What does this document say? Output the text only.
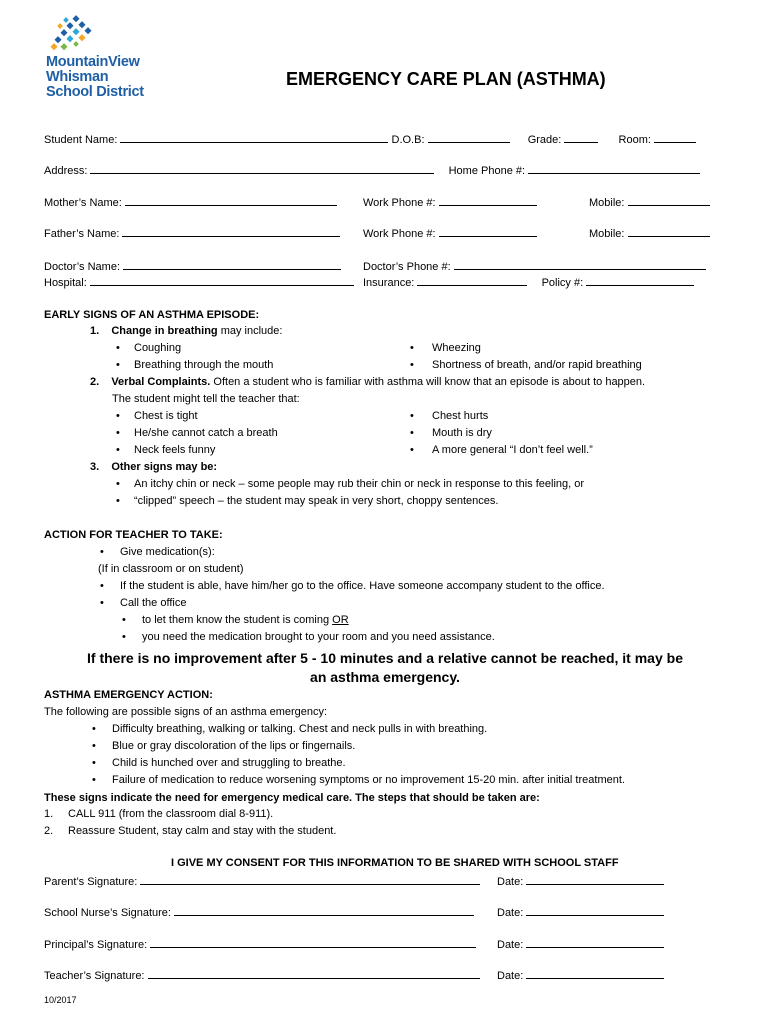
MountainView
Whisman
School District
EMERGENCY CARE PLAN (ASTHMA)
Student Name:	D.O.B:	Grade:	Room:
Address:	Home Phone #:
Mother’s Name:	Work Phone #:	Mobile:
Father’s Name:	Work Phone #:	Mobile:
Doctor’s Name:	Doctor’s Phone #:
Hospital:	Insurance:	Policy #:
EARLY SIGNS OF AN ASTHMA EPISODE:
1. Change in breathing may include:
• Coughing
• Breathing through the mouth
• Wheezing
• Shortness of breath, and/or rapid breathing
2. Verbal Complaints. Often a student who is familiar with asthma will know that an episode is about to happen.
The student might tell the teacher that:
• Chest is tight
• He/she cannot catch a breath
• Neck feels funny
• Chest hurts
• Mouth is dry
• A more general “I don’t feel well.”
3. Other signs may be:
• An itchy chin or neck – some people may rub their chin or neck in response to this feeling, or
• “clipped” speech – the student may speak in very short, choppy sentences.
ACTION FOR TEACHER TO TAKE:
• Give medication(s):
(If in classroom or on student)
• If the student is able, have him/her go to the office. Have someone accompany student to the office.
• Call the office
• to let them know the student is coming OR
• you need the medication brought to your room and you need assistance.
If there is no improvement after 5 - 10 minutes and a relative cannot be reached, it may be
an asthma emergency.
ASTHMA EMERGENCY ACTION:
The following are possible signs of an asthma emergency:
• Difficulty breathing, walking or talking. Chest and neck pulls in with breathing.
• Blue or gray discoloration of the lips or fingernails.
• Child is hunched over and struggling to breathe.
• Failure of medication to reduce worsening symptoms or no improvement 15-20 min. after initial treatment.
These signs indicate the need for emergency medical care. The steps that should be taken are:
1. CALL 911 (from the classroom dial 8-911).
2. Reassure Student, stay calm and stay with the student.
I GIVE MY CONSENT FOR THIS INFORMATION TO BE SHARED WITH SCHOOL STAFF
Parent’s Signature:	Date:
School Nurse’s Signature:	Date:
Principal’s Signature:	Date:
Teacher’s Signature:	Date:
10/2017
